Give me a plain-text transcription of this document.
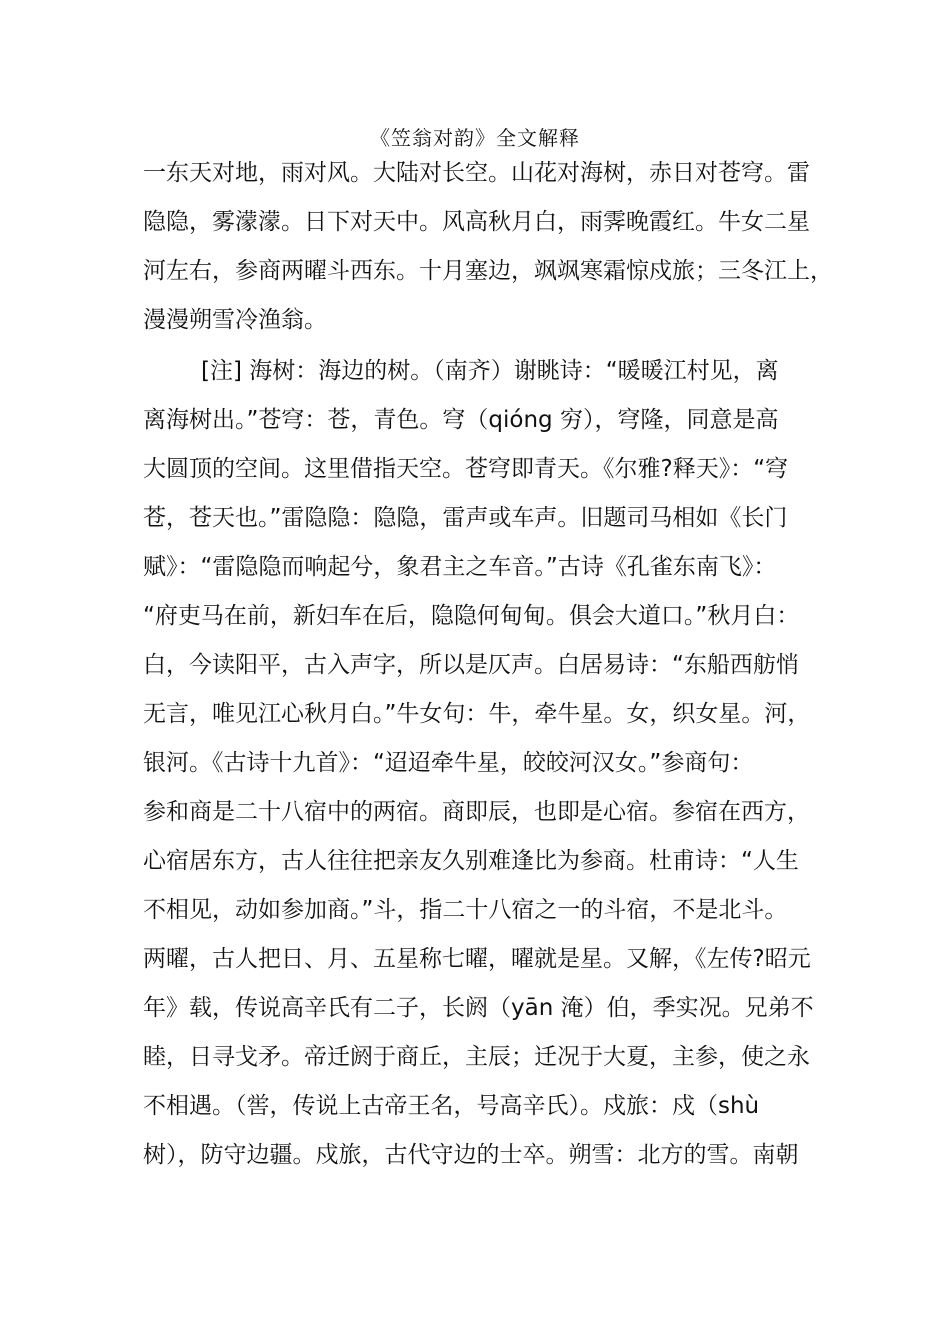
《笠翁对韵》全文解释
一东天对地，雨对风。大陆对长空。山花对海树，赤日对苍穹。雷
隐隐，雾濛濛。日下对天中。风高秋月白，雨霁晚霞红。牛女二星
河左右，参商两曜斗西东。十月塞边，飒飒寒霜惊戍旅；三冬江上，
漫漫朔雪冷渔翁。
[注] 海树：海边的树。（南齐）谢眺诗：“暖暖江村见，离
离海树出。”苍穹：苍，青色。穹（qióng 穷），穹隆，同意是高
大圆顶的空间。这里借指天空。苍穹即青天。《尔雅?释天》：“穹
苍，苍天也。”雷隐隐：隐隐，雷声或车声。旧题司马相如《长门
赋》：“雷隐隐而响起兮，象君主之车音。”古诗《孔雀东南飞》：
“府吏马在前，新妇车在后，隐隐何甸甸。俱会大道口。”秋月白：
白，今读阳平，古入声字，所以是仄声。白居易诗：“东船西舫悄
无言，唯见江心秋月白。”牛女句：牛，牵牛星。女，织女星。河，
银河。《古诗十九首》：“迢迢牵牛星，皎皎河汉女。”参商句：
参和商是二十八宿中的两宿。商即辰，也即是心宿。参宿在西方，
心宿居东方，古人往往把亲友久别难逢比为参商。杜甫诗：“人生
不相见，动如参加商。”斗，指二十八宿之一的斗宿，不是北斗。
两曜，古人把日、月、五星称七曜，曜就是星。又解，《左传?昭元
年》载，传说高辛氏有二子，长阏（yān 淹）伯，季实况。兄弟不
睦，日寻戈矛。帝迁阏于商丘，主辰；迁况于大夏，主参，使之永
不相遇。（喾，传说上古帝王名，号高辛氏）。戍旅：戍（shù
树），防守边疆。戍旅，古代守边的士卒。朔雪：北方的雪。南朝
